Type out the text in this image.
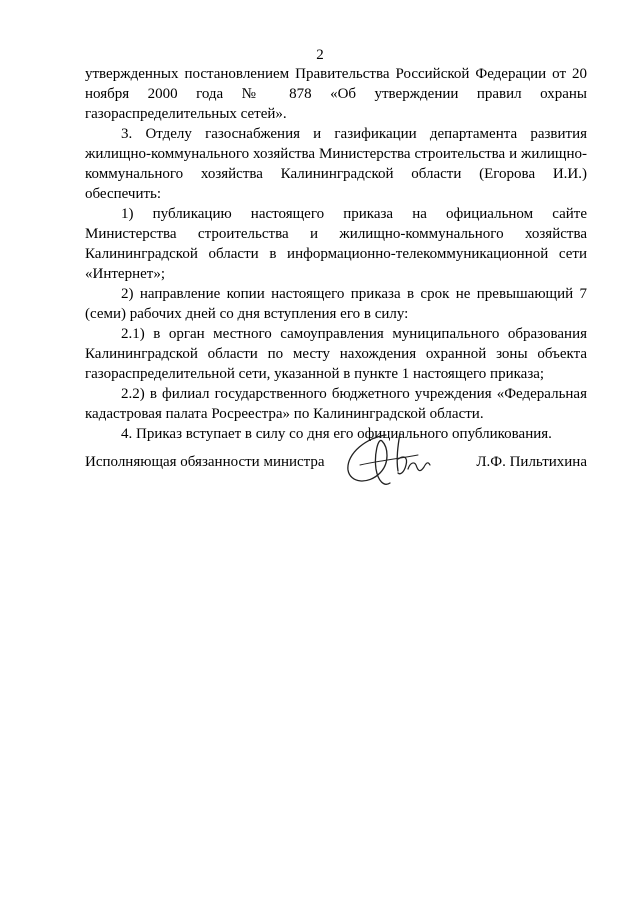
2

утвержденных постановлением Правительства Российской Федерации от 20 ноября 2000 года № 878 «Об утверждении правил охраны газораспределительных сетей».

3. Отделу газоснабжения и газификации департамента развития жилищно-коммунального хозяйства Министерства строительства и жилищно-коммунального хозяйства Калининградской области (Егорова И.И.) обеспечить:

1) публикацию настоящего приказа на официальном сайте Министерства строительства и жилищно-коммунального хозяйства Калининградской области в информационно-телекоммуникационной сети «Интернет»;

2) направление копии настоящего приказа в срок не превышающий 7 (семи) рабочих дней со дня вступления его в силу:

2.1) в орган местного самоуправления муниципального образования Калининградской области по месту нахождения охранной зоны объекта газораспределительной сети, указанной в пункте 1 настоящего приказа;

2.2) в филиал государственного бюджетного учреждения «Федеральная кадастровая палата Росреестра» по Калининградской области.

4. Приказ вступает в силу со дня его официального опубликования.

Исполняющая обязанности министра	Л.Ф. Пильтихина
